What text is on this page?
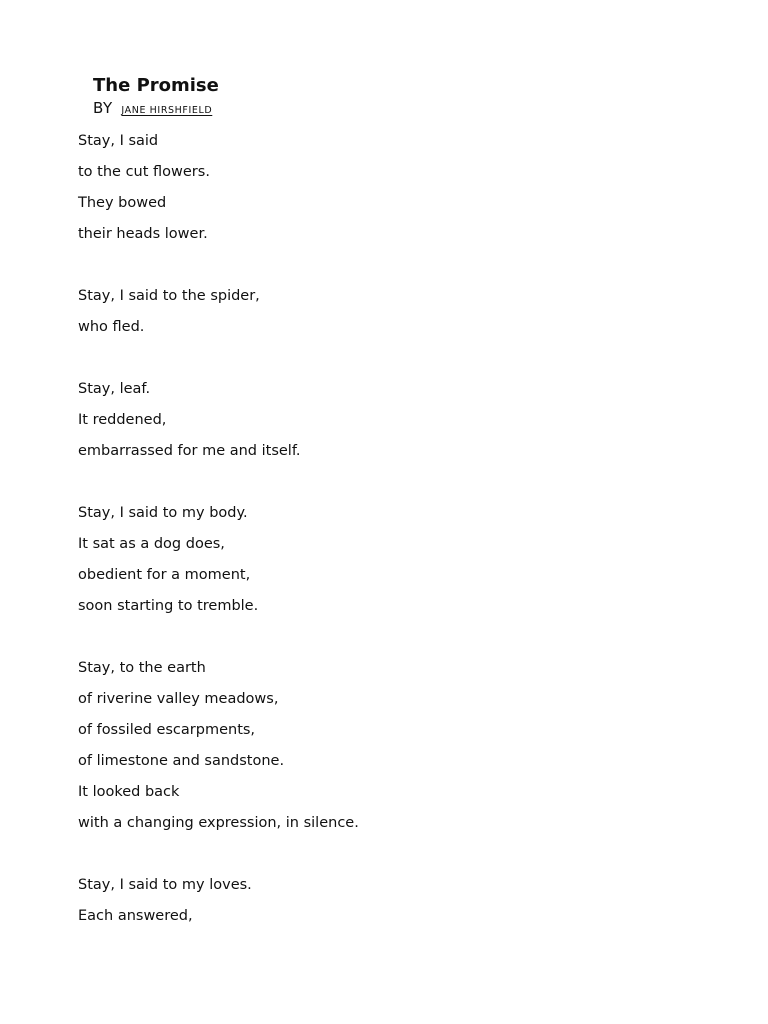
The Promise
BY JANE HIRSHFIELD
Stay, I said
to the cut flowers.
They bowed
their heads lower.
Stay, I said to the spider,
who fled.
Stay, leaf.
It reddened,
embarrassed for me and itself.
Stay, I said to my body.
It sat as a dog does,
obedient for a moment,
soon starting to tremble.
Stay, to the earth
of riverine valley meadows,
of fossiled escarpments,
of limestone and sandstone.
It looked back
with a changing expression, in silence.
Stay, I said to my loves.
Each answered,
